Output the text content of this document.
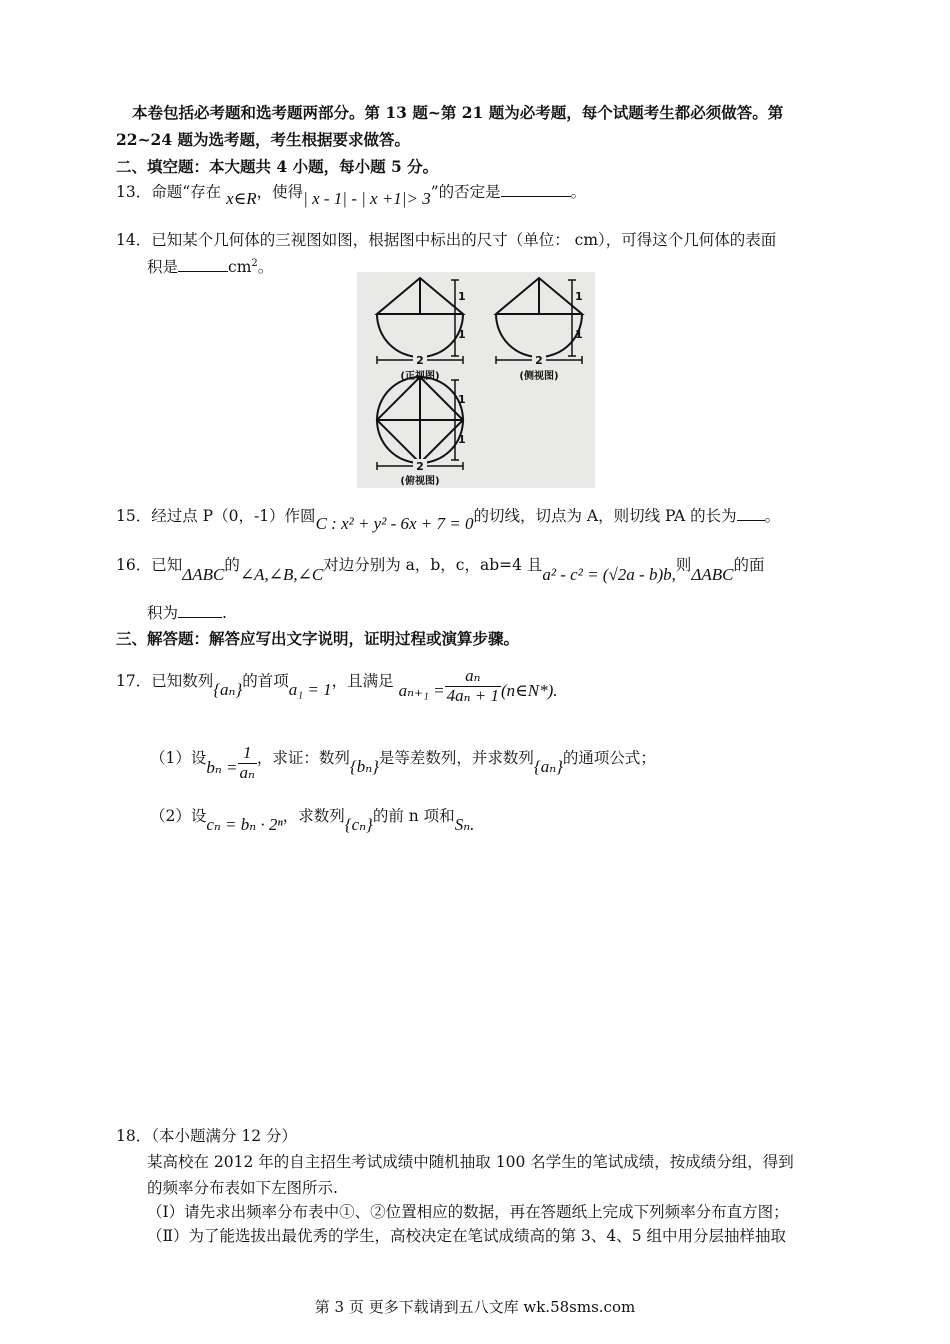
本卷包括必考题和选考题两部分。第 13 题~第 21 题为必考题，每个试题考生都必须做答。第
22~24 题为选考题，考生根据要求做答。
二、填空题：本大题共 4 小题，每小题 5 分。
13．命题“存在 x∈R，使得| x - 1| - | x +1|> 3”的否定是	。
14．已知某个几何体的三视图如图，根据图中标出的尺寸（单位： cm），可得这个几何体的表面
积是	$cm^2$。
2	2
2
1
1
1
1
1
1
(正视图)	(侧视图)
(俯视图)
15．经过点 P（0，-1）作圆C : x² + y² - 6x + 7 = 0的切线，切点为 A，则切线 PA 的长为 。
16．已知ΔABC的∠A,∠B,∠C对边分别为 a，b，c，ab=4 且a² - c² = (√2a - b)b,则ΔABC的面
积为	.
三、解答题：解答应写出文字说明，证明过程或演算步骤。
17．已知数列{aₙ}的首项a₁ = 1，且满足 $a_{n+1} = \frac{\text{aₙ}}{\text{4aₙ + 1}}$ (n∈N*).
（1）设$b_n = \frac{1}{\text{aₙ}}$ ，求证：数列{bₙ}是等差数列，并求数列{aₙ}的通项公式；
（2）设cₙ = bₙ · 2ⁿ，求数列{cₙ}的前 n 项和Sₙ.
18．（本小题满分 12 分）
某高校在 2012 年的自主招生考试成绩中随机抽取 100 名学生的笔试成绩，按成绩分组，得到
的频率分布表如下左图所示.
（Ⅰ）请先求出频率分布表中①、②位置相应的数据，再在答题纸上完成下列频率分布直方图；
（Ⅱ）为了能选拔出最优秀的学生，高校决定在笔试成绩高的第 3、4、5 组中用分层抽样抽取
第 3 页 更多下载请到五八文库 wk.58sms.com
